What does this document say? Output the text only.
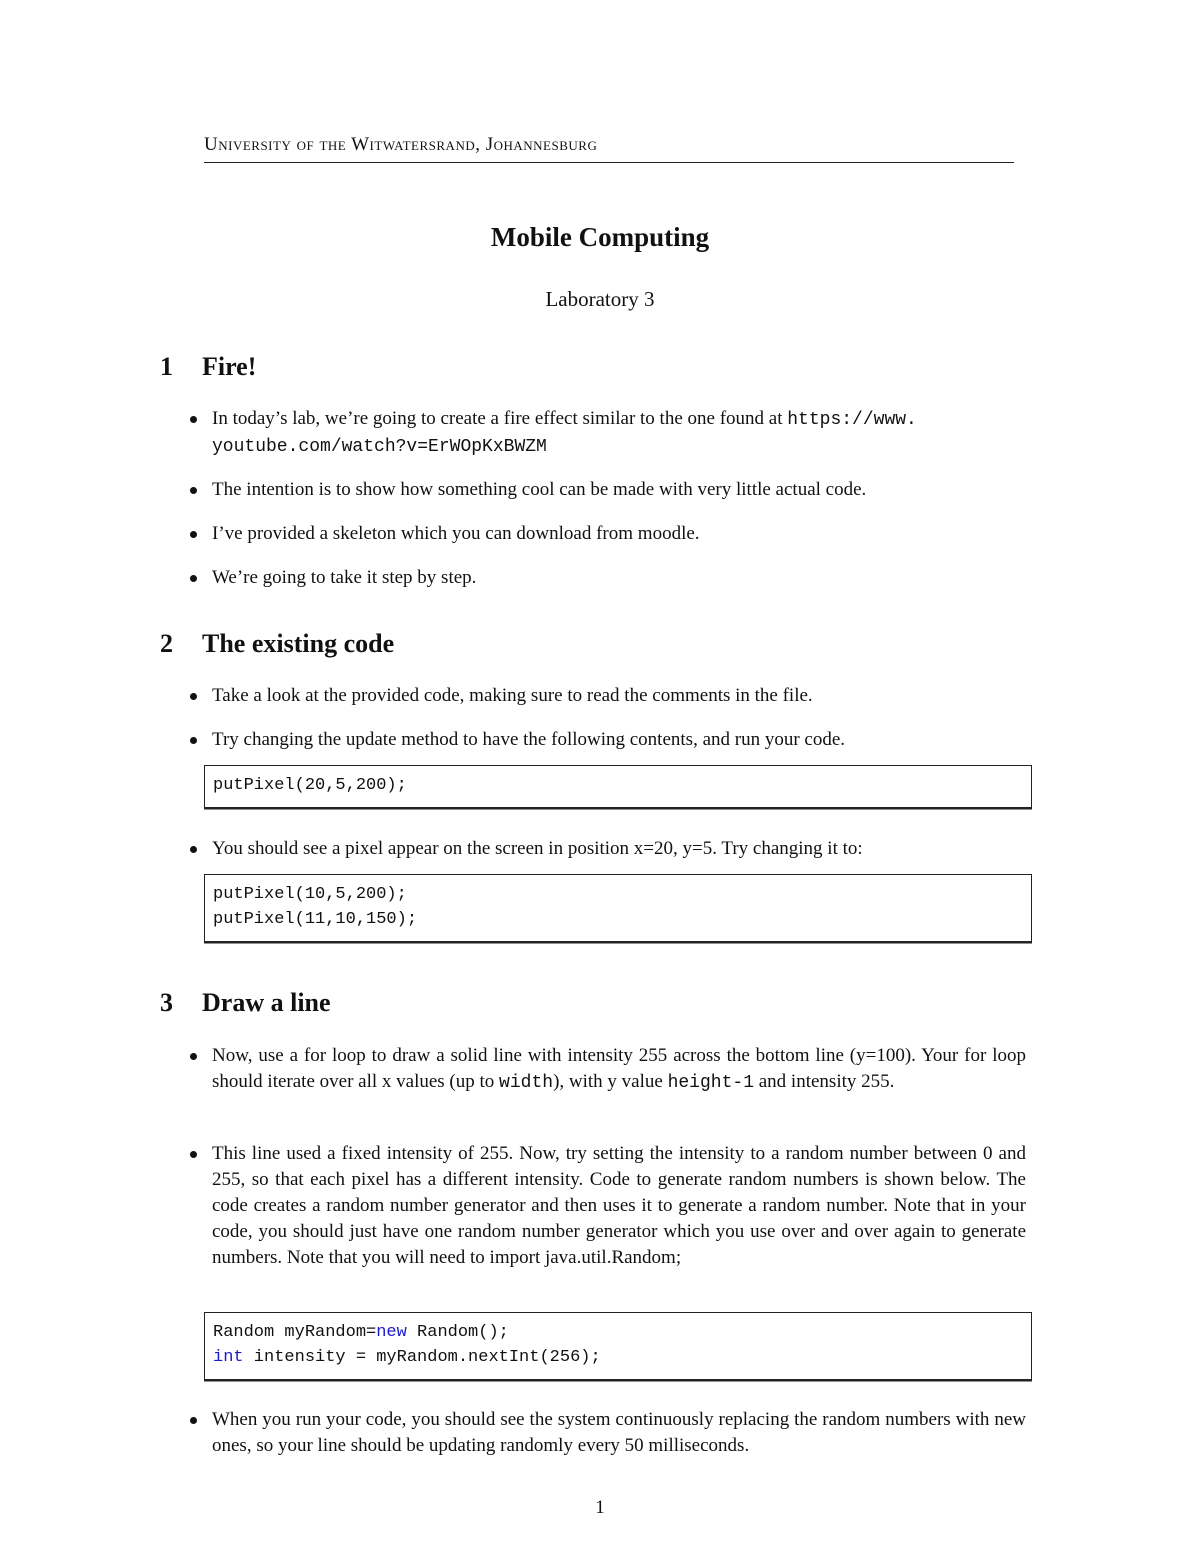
University of the Witwatersrand, Johannesburg
Mobile Computing
Laboratory 3
1 Fire!
In today’s lab, we’re going to create a fire effect similar to the one found at https://www.
youtube.com/watch?v=ErWOpKxBWZM
The intention is to show how something cool can be made with very little actual code.
I’ve provided a skeleton which you can download from moodle.
We’re going to take it step by step.
2 The existing code
Take a look at the provided code, making sure to read the comments in the file.
Try changing the update method to have the following contents, and run your code.
putPixel(20,5,200);
You should see a pixel appear on the screen in position x=20, y=5. Try changing it to:
putPixel(10,5,200);
putPixel(11,10,150);
3 Draw a line
Now, use a for loop to draw a solid line with intensity 255 across the bottom line (y=100). Your for loop should iterate over all x values (up to width), with y value height-1 and intensity 255.
This line used a fixed intensity of 255. Now, try setting the intensity to a random number between 0 and 255, so that each pixel has a different intensity. Code to generate random numbers is shown below. The code creates a random number generator and then uses it to generate a random number. Note that in your code, you should just have one random number generator which you use over and over again to generate numbers. Note that you will need to import java.util.Random;
Random myRandom=new Random();
int intensity = myRandom.nextInt(256);
When you run your code, you should see the system continuously replacing the random numbers with new ones, so your line should be updating randomly every 50 milliseconds.
1
